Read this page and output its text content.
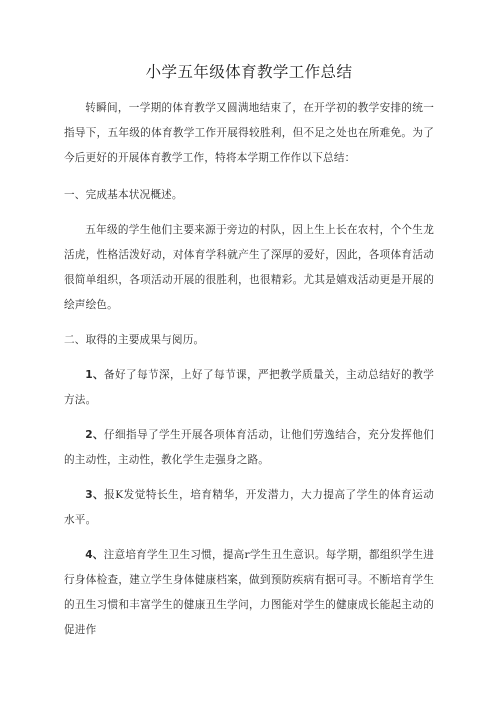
小学五年级体育教学工作总结

转瞬间，一学期的体育教学又圆满地结束了，在开学初的教学安排的统一指导下，五年级的体育教学工作开展得较胜利，但不足之处也在所难免。为了今后更好的开展体育教学工作，特将本学期工作作以下总结：

一、完成基本状况概述。

五年级的学生他们主要来源于旁边的村队，因上生上长在农村，个个生龙活虎，性格活泼好动，对体育学科就产生了深厚的爱好，因此，各项体育活动很简单组织，各项活动开展的很胜利，也很精彩。尤其是嬉戏活动更是开展的绘声绘色。

二、取得的主要成果与阅历。

1、备好了每节深，上好了每节课，严把教学质量关，主动总结好的教学方法。

2、仔细指导了学生开展各项体育活动，让他们劳逸结合，充分发挥他们的主动性，主动性，教化学生走强身之路。

3、报K发觉特长生，培育精华，开发潜力，大力提高了学生的体育运动水平。

4、注意培育学生卫生习惯，提高r学生丑生意识。每学期，都组织学生进行身体检查，建立学生身体健康档案，做到预防疾病有据可寻。不断培育学生的丑生习惯和丰富学生的健康丑生学问，力图能对学生的健康成长能起主动的促进作
